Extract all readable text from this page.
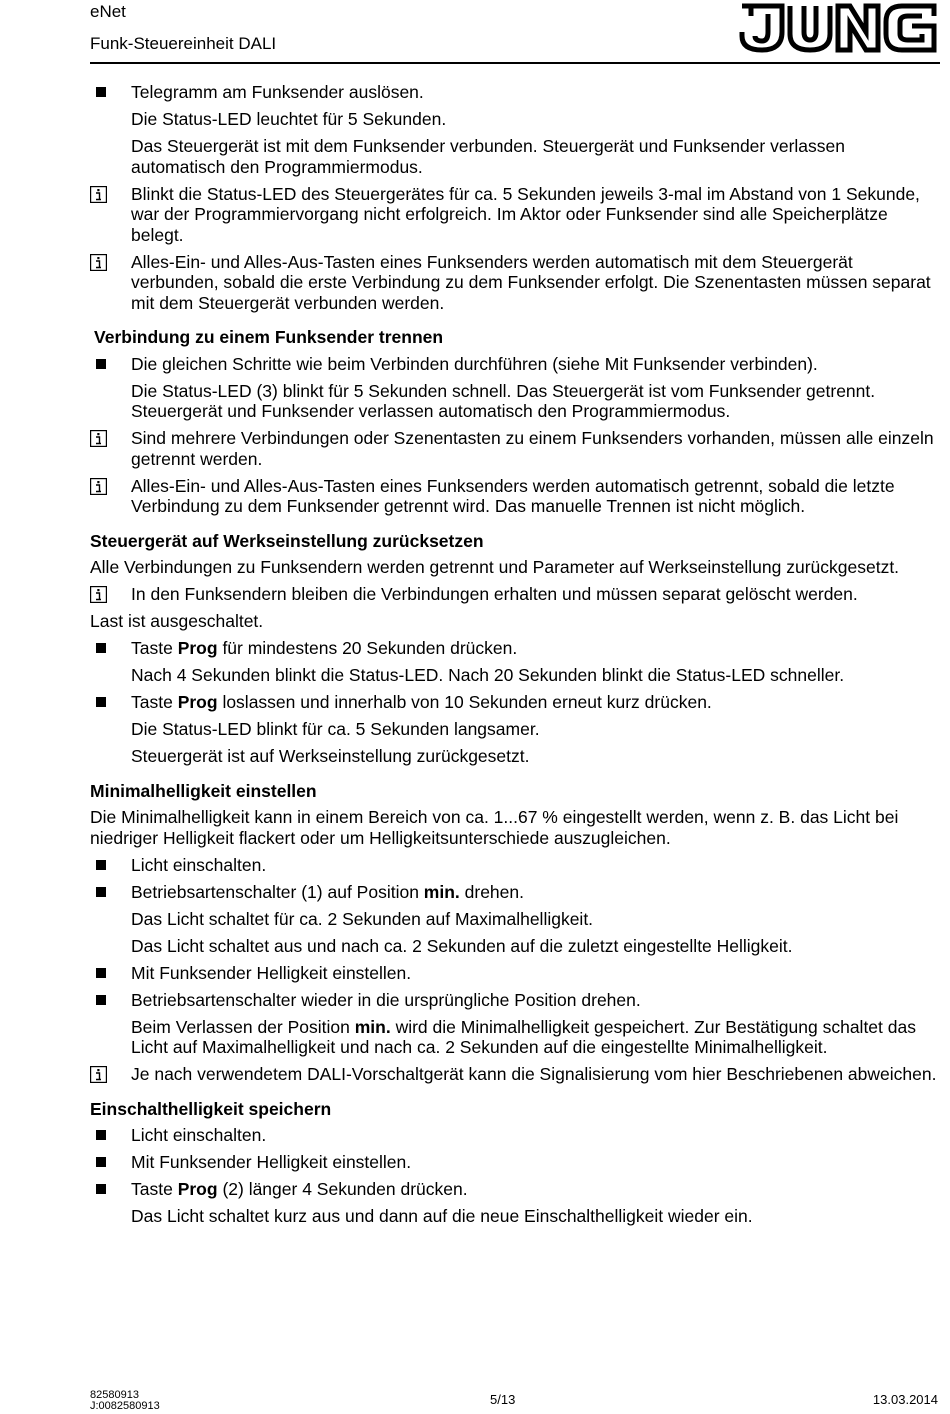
eNet
Funk-Steuereinheit DALI
Telegramm am Funksender auslösen.
Die Status-LED leuchtet für 5 Sekunden.
Das Steuergerät ist mit dem Funksender verbunden. Steuergerät und Funksender verlassen automatisch den Programmiermodus.
Blinkt die Status-LED des Steuergerätes für ca. 5 Sekunden jeweils 3-mal im Abstand von 1 Sekunde, war der Programmiervorgang nicht erfolgreich. Im Aktor oder Funksender sind alle Speicherplätze belegt.
Alles-Ein- und Alles-Aus-Tasten eines Funksenders werden automatisch mit dem Steuergerät verbunden, sobald die erste Verbindung zu dem Funksender erfolgt. Die Szenentasten müssen separat mit dem Steuergerät verbunden werden.
Verbindung zu einem Funksender trennen
Die gleichen Schritte wie beim Verbinden durchführen (siehe Mit Funksender verbinden).
Die Status-LED (3) blinkt für 5 Sekunden schnell. Das Steuergerät ist vom Funksender getrennt. Steuergerät und Funksender verlassen automatisch den Programmiermodus.
Sind mehrere Verbindungen oder Szenentasten zu einem Funksenders vorhanden, müssen alle einzeln getrennt werden.
Alles-Ein- und Alles-Aus-Tasten eines Funksenders werden automatisch getrennt, sobald die letzte Verbindung zu dem Funksender getrennt wird. Das manuelle Trennen ist nicht möglich.
Steuergerät auf Werkseinstellung zurücksetzen
Alle Verbindungen zu Funksendern werden getrennt und Parameter auf Werkseinstellung zurückgesetzt.
In den Funksendern bleiben die Verbindungen erhalten und müssen separat gelöscht werden.
Last ist ausgeschaltet.
Taste Prog für mindestens 20 Sekunden drücken.
Nach 4 Sekunden blinkt die Status-LED. Nach 20 Sekunden blinkt die Status-LED schneller.
Taste Prog loslassen und innerhalb von 10 Sekunden erneut kurz drücken.
Die Status-LED blinkt für ca. 5 Sekunden langsamer.
Steuergerät ist auf Werkseinstellung zurückgesetzt.
Minimalhelligkeit einstellen
Die Minimalhelligkeit kann in einem Bereich von ca. 1...67 % eingestellt werden, wenn z. B. das Licht bei niedriger Helligkeit flackert oder um Helligkeitsunterschiede auszugleichen.
Licht einschalten.
Betriebsartenschalter (1) auf Position min. drehen.
Das Licht schaltet für ca. 2 Sekunden auf Maximalhelligkeit.
Das Licht schaltet aus und nach ca. 2 Sekunden auf die zuletzt eingestellte Helligkeit.
Mit Funksender Helligkeit einstellen.
Betriebsartenschalter wieder in die ursprüngliche Position drehen.
Beim Verlassen der Position min. wird die Minimalhelligkeit gespeichert. Zur Bestätigung schaltet das Licht auf Maximalhelligkeit und nach ca. 2 Sekunden auf die eingestellte Minimalhelligkeit.
Je nach verwendetem DALI-Vorschaltgerät kann die Signalisierung vom hier Beschriebenen abweichen.
Einschalthelligkeit speichern
Licht einschalten.
Mit Funksender Helligkeit einstellen.
Taste Prog (2) länger 4 Sekunden drücken.
Das Licht schaltet kurz aus und dann auf die neue Einschalthelligkeit wieder ein.
82580913
J:0082580913	5/13	13.03.2014
